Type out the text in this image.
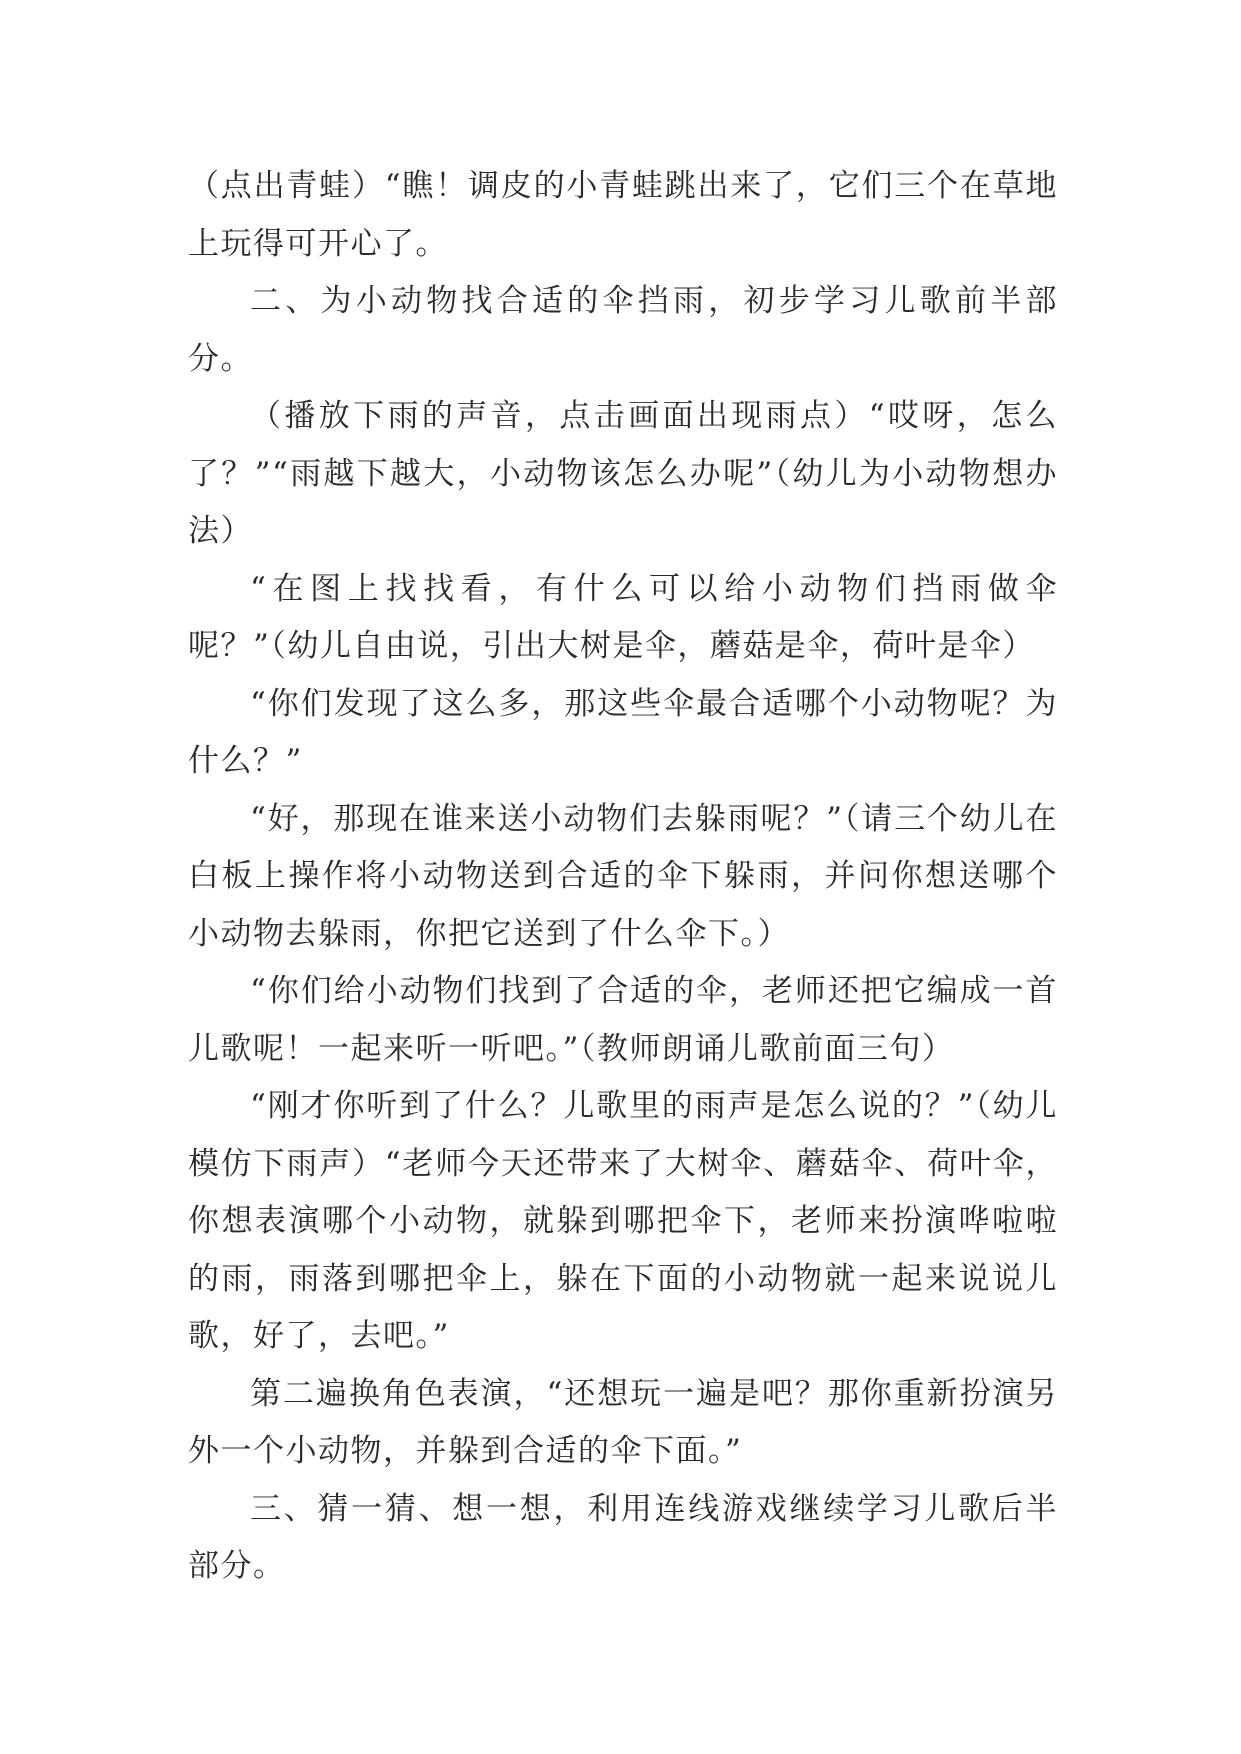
（点出青蛙）“瞧！调皮的小青蛙跳出来了，它们三个在草地上玩得可开心了。

二、为小动物找合适的伞挡雨，初步学习儿歌前半部分。

（播放下雨的声音，点击画面出现雨点）“哎呀，怎么了？”“雨越下越大，小动物该怎么办呢”（幼儿为小动物想办法）

“在图上找找看，有什么可以给小动物们挡雨做伞呢？”（幼儿自由说，引出大树是伞，蘑菇是伞，荷叶是伞）

“你们发现了这么多，那这些伞最合适哪个小动物呢？为什么？”

“好，那现在谁来送小动物们去躲雨呢？”（请三个幼儿在白板上操作将小动物送到合适的伞下躲雨，并问你想送哪个小动物去躲雨，你把它送到了什么伞下。）

“你们给小动物们找到了合适的伞，老师还把它编成一首儿歌呢！一起来听一听吧。”（教师朗诵儿歌前面三句）

“刚才你听到了什么？儿歌里的雨声是怎么说的？”（幼儿模仿下雨声）“老师今天还带来了大树伞、蘑菇伞、荷叶伞，你想表演哪个小动物，就躲到哪把伞下，老师来扮演哗啦啦的雨，雨落到哪把伞上，躲在下面的小动物就一起来说说儿歌，好了，去吧。”

第二遍换角色表演，“还想玩一遍是吧？那你重新扮演另外一个小动物，并躲到合适的伞下面。”

三、猜一猜、想一想，利用连线游戏继续学习儿歌后半部分。
